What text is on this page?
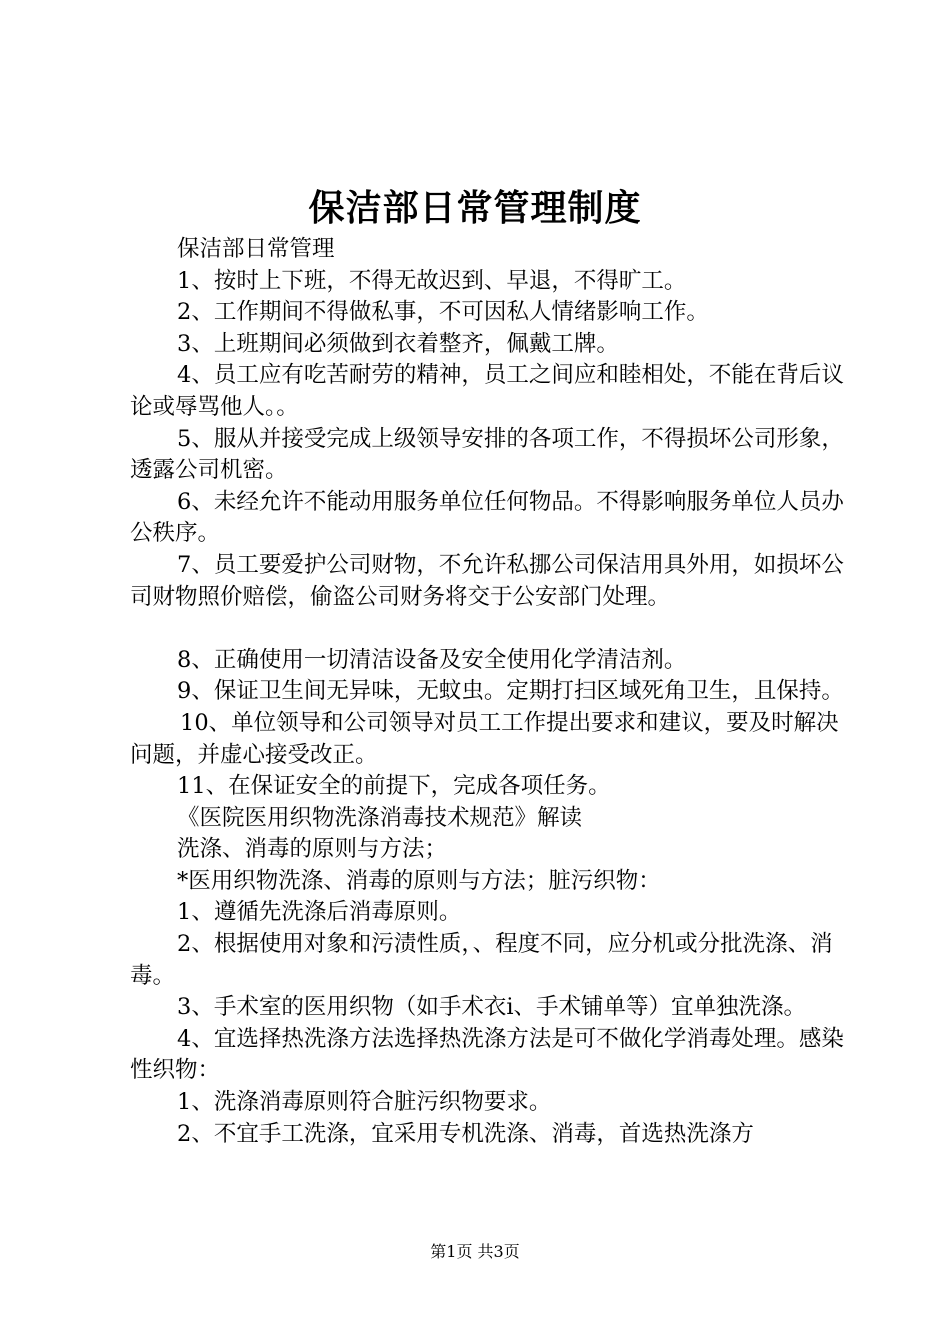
保洁部日常管理制度

保洁部日常管理

1、按时上下班，不得无故迟到、早退，不得旷工。

2、工作期间不得做私事，不可因私人情绪影响工作。

3、上班期间必须做到衣着整齐，佩戴工牌。

4、员工应有吃苦耐劳的精神，员工之间应和睦相处，不能在背后议论或辱骂他人。。

5、服从并接受完成上级领导安排的各项工作，不得损坏公司形象，透露公司机密。

6、未经允许不能动用服务单位任何物品。不得影响服务单位人员办公秩序。

7、员工要爱护公司财物，不允许私挪公司保洁用具外用，如损坏公司财物照价赔偿，偷盗公司财务将交于公安部门处理。

8、正确使用一切清洁设备及安全使用化学清洁剂。

9、保证卫生间无异味，无蚊虫。定期打扫区域死角卫生，且保持。

10、单位领导和公司领导对员工工作提出要求和建议，要及时解决问题，并虚心接受改正。

11、在保证安全的前提下，完成各项任务。

《医院医用织物洗涤消毒技术规范》解读

洗涤、消毒的原则与方法；

*医用织物洗涤、消毒的原则与方法；脏污织物：

1、遵循先洗涤后消毒原则。

2、根据使用对象和污渍性质，、程度不同，应分机或分批洗涤、消毒。

3、手术室的医用织物（如手术衣i、手术铺单等）宜单独洗涤。

4、宜选择热洗涤方法选择热洗涤方法是可不做化学消毒处理。感染性织物：

1、洗涤消毒原则符合脏污织物要求。

2、不宜手工洗涤，宜采用专机洗涤、消毒，首选热洗涤方

第1页 共3页
